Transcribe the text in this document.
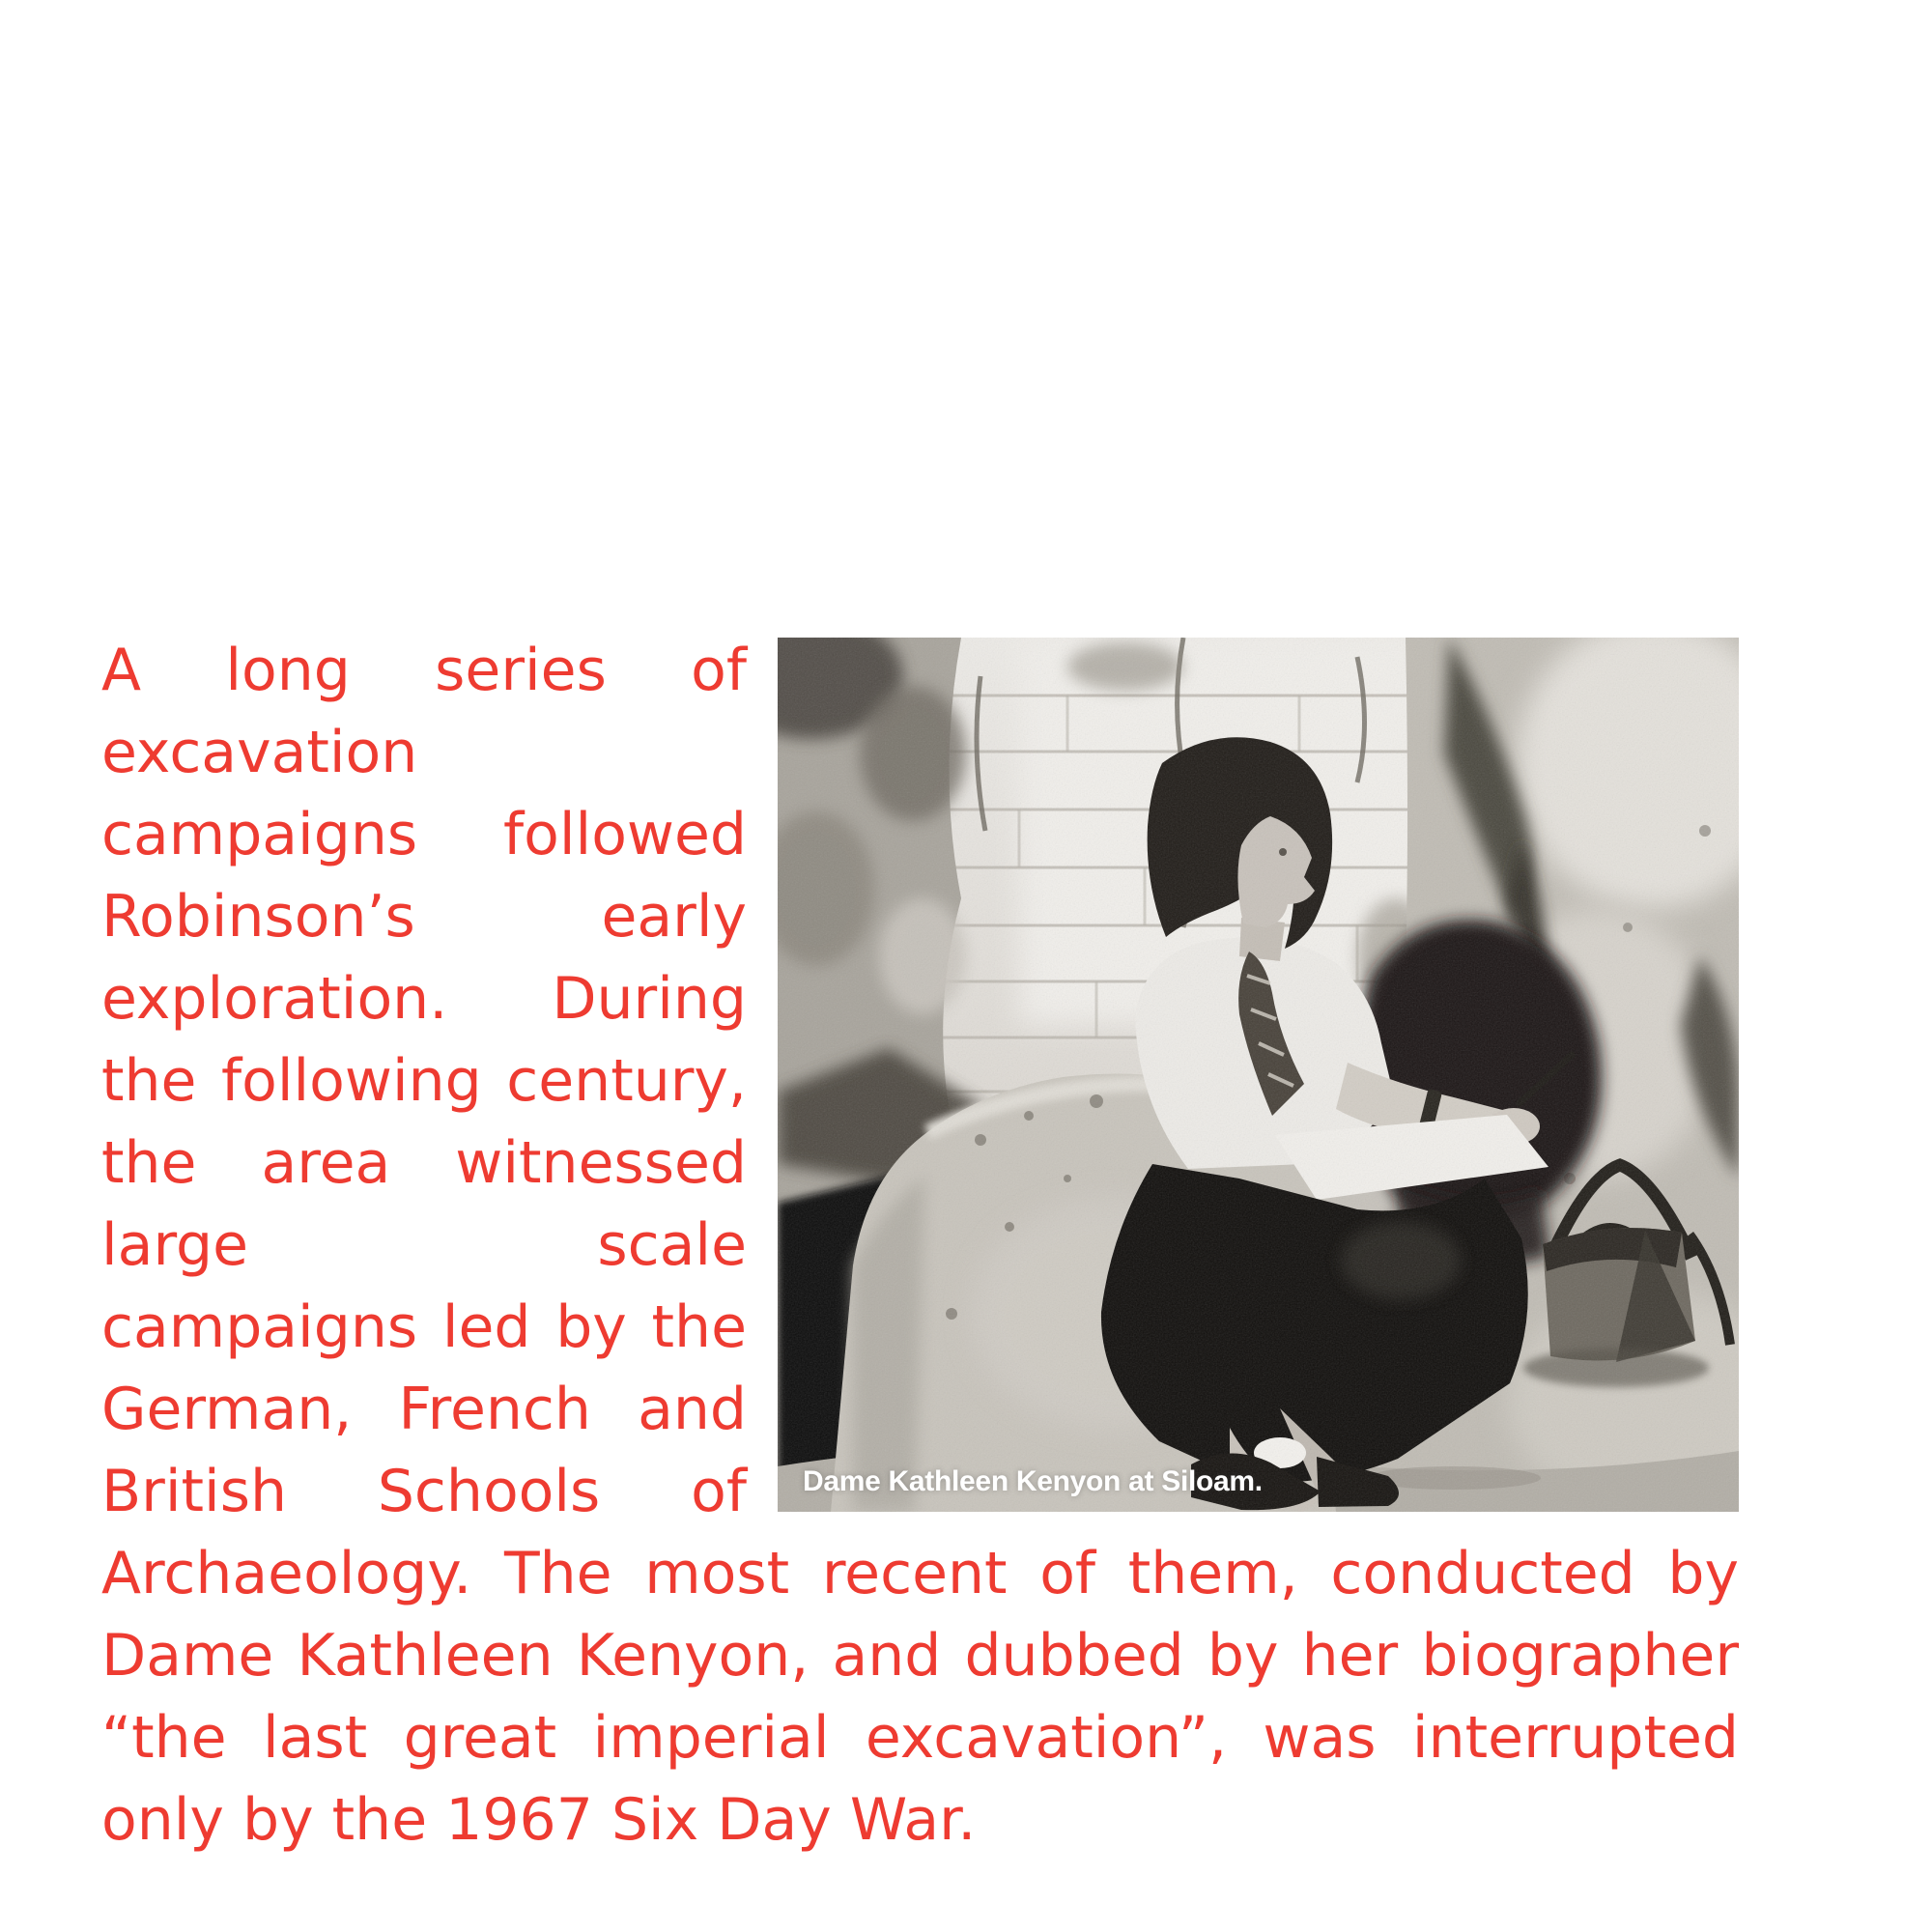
Dame Kathleen Kenyon at Siloam.

A long series of excavation campaigns followed Robinson’s early exploration. During the following century, the area witnessed large scale campaigns led by the German, French and British Schools of Archaeology. The most recent of them, conducted by Dame Kathleen Kenyon, and dubbed by her biographer “the last great imperial excavation”, was interrupted only by the 1967 Six Day War.
